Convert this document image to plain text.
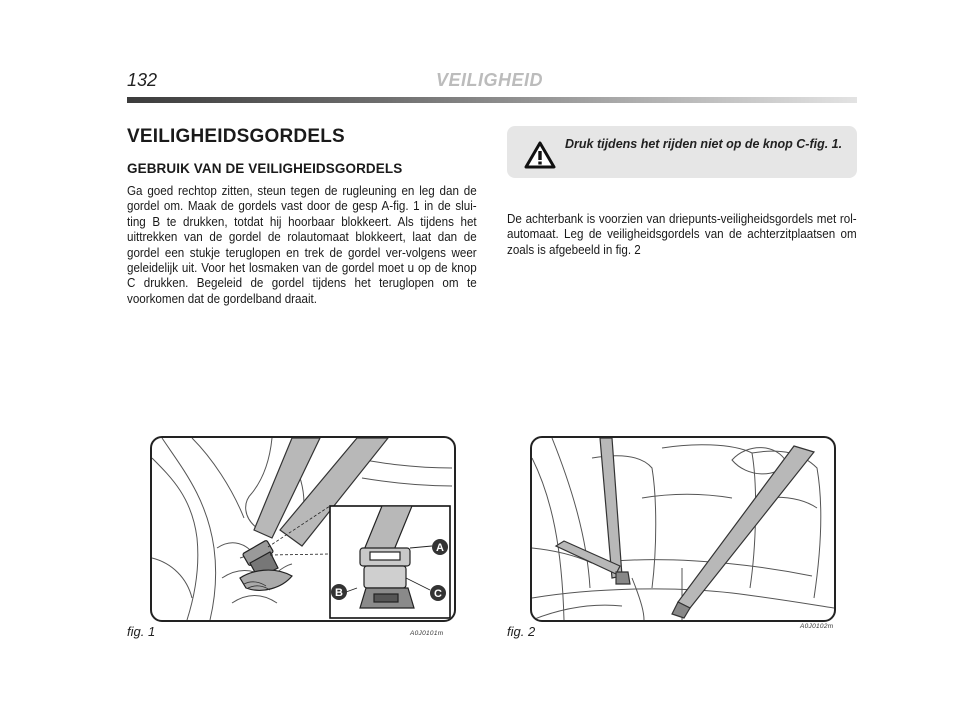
132	VEILIGHEID
VEILIGHEIDSGORDELS
GEBRUIK VAN DE VEILIGHEIDSGORDELS

Ga goed rechtop zitten, steun tegen de rugleuning en leg dan de gordel om. Maak de gordels vast door de gesp A-fig. 1 in de slui-ting B te drukken, totdat hij hoorbaar blokkeert. Als tijdens het uittrekken van de gordel de rolautomaat blokkeert, laat dan de gordel een stukje teruglopen en trek de gordel ver-volgens weer geleidelijk uit. Voor het losmaken van de gordel moet u op de knop C drukken. Begeleid de gordel tijdens het teruglopen om te voorkomen dat de gordelband draait.

Druk tijdens het rijden niet op de knop C-fig. 1.

De achterbank is voorzien van driepunts-veiligheidsgordels met rol-automaat. Leg de veiligheidsgordels van de achterzitplaatsen om zoals is afgebeeld in fig. 2

A
B	C
fig. 1	A0J0101m	fig. 2	A0J0102m
